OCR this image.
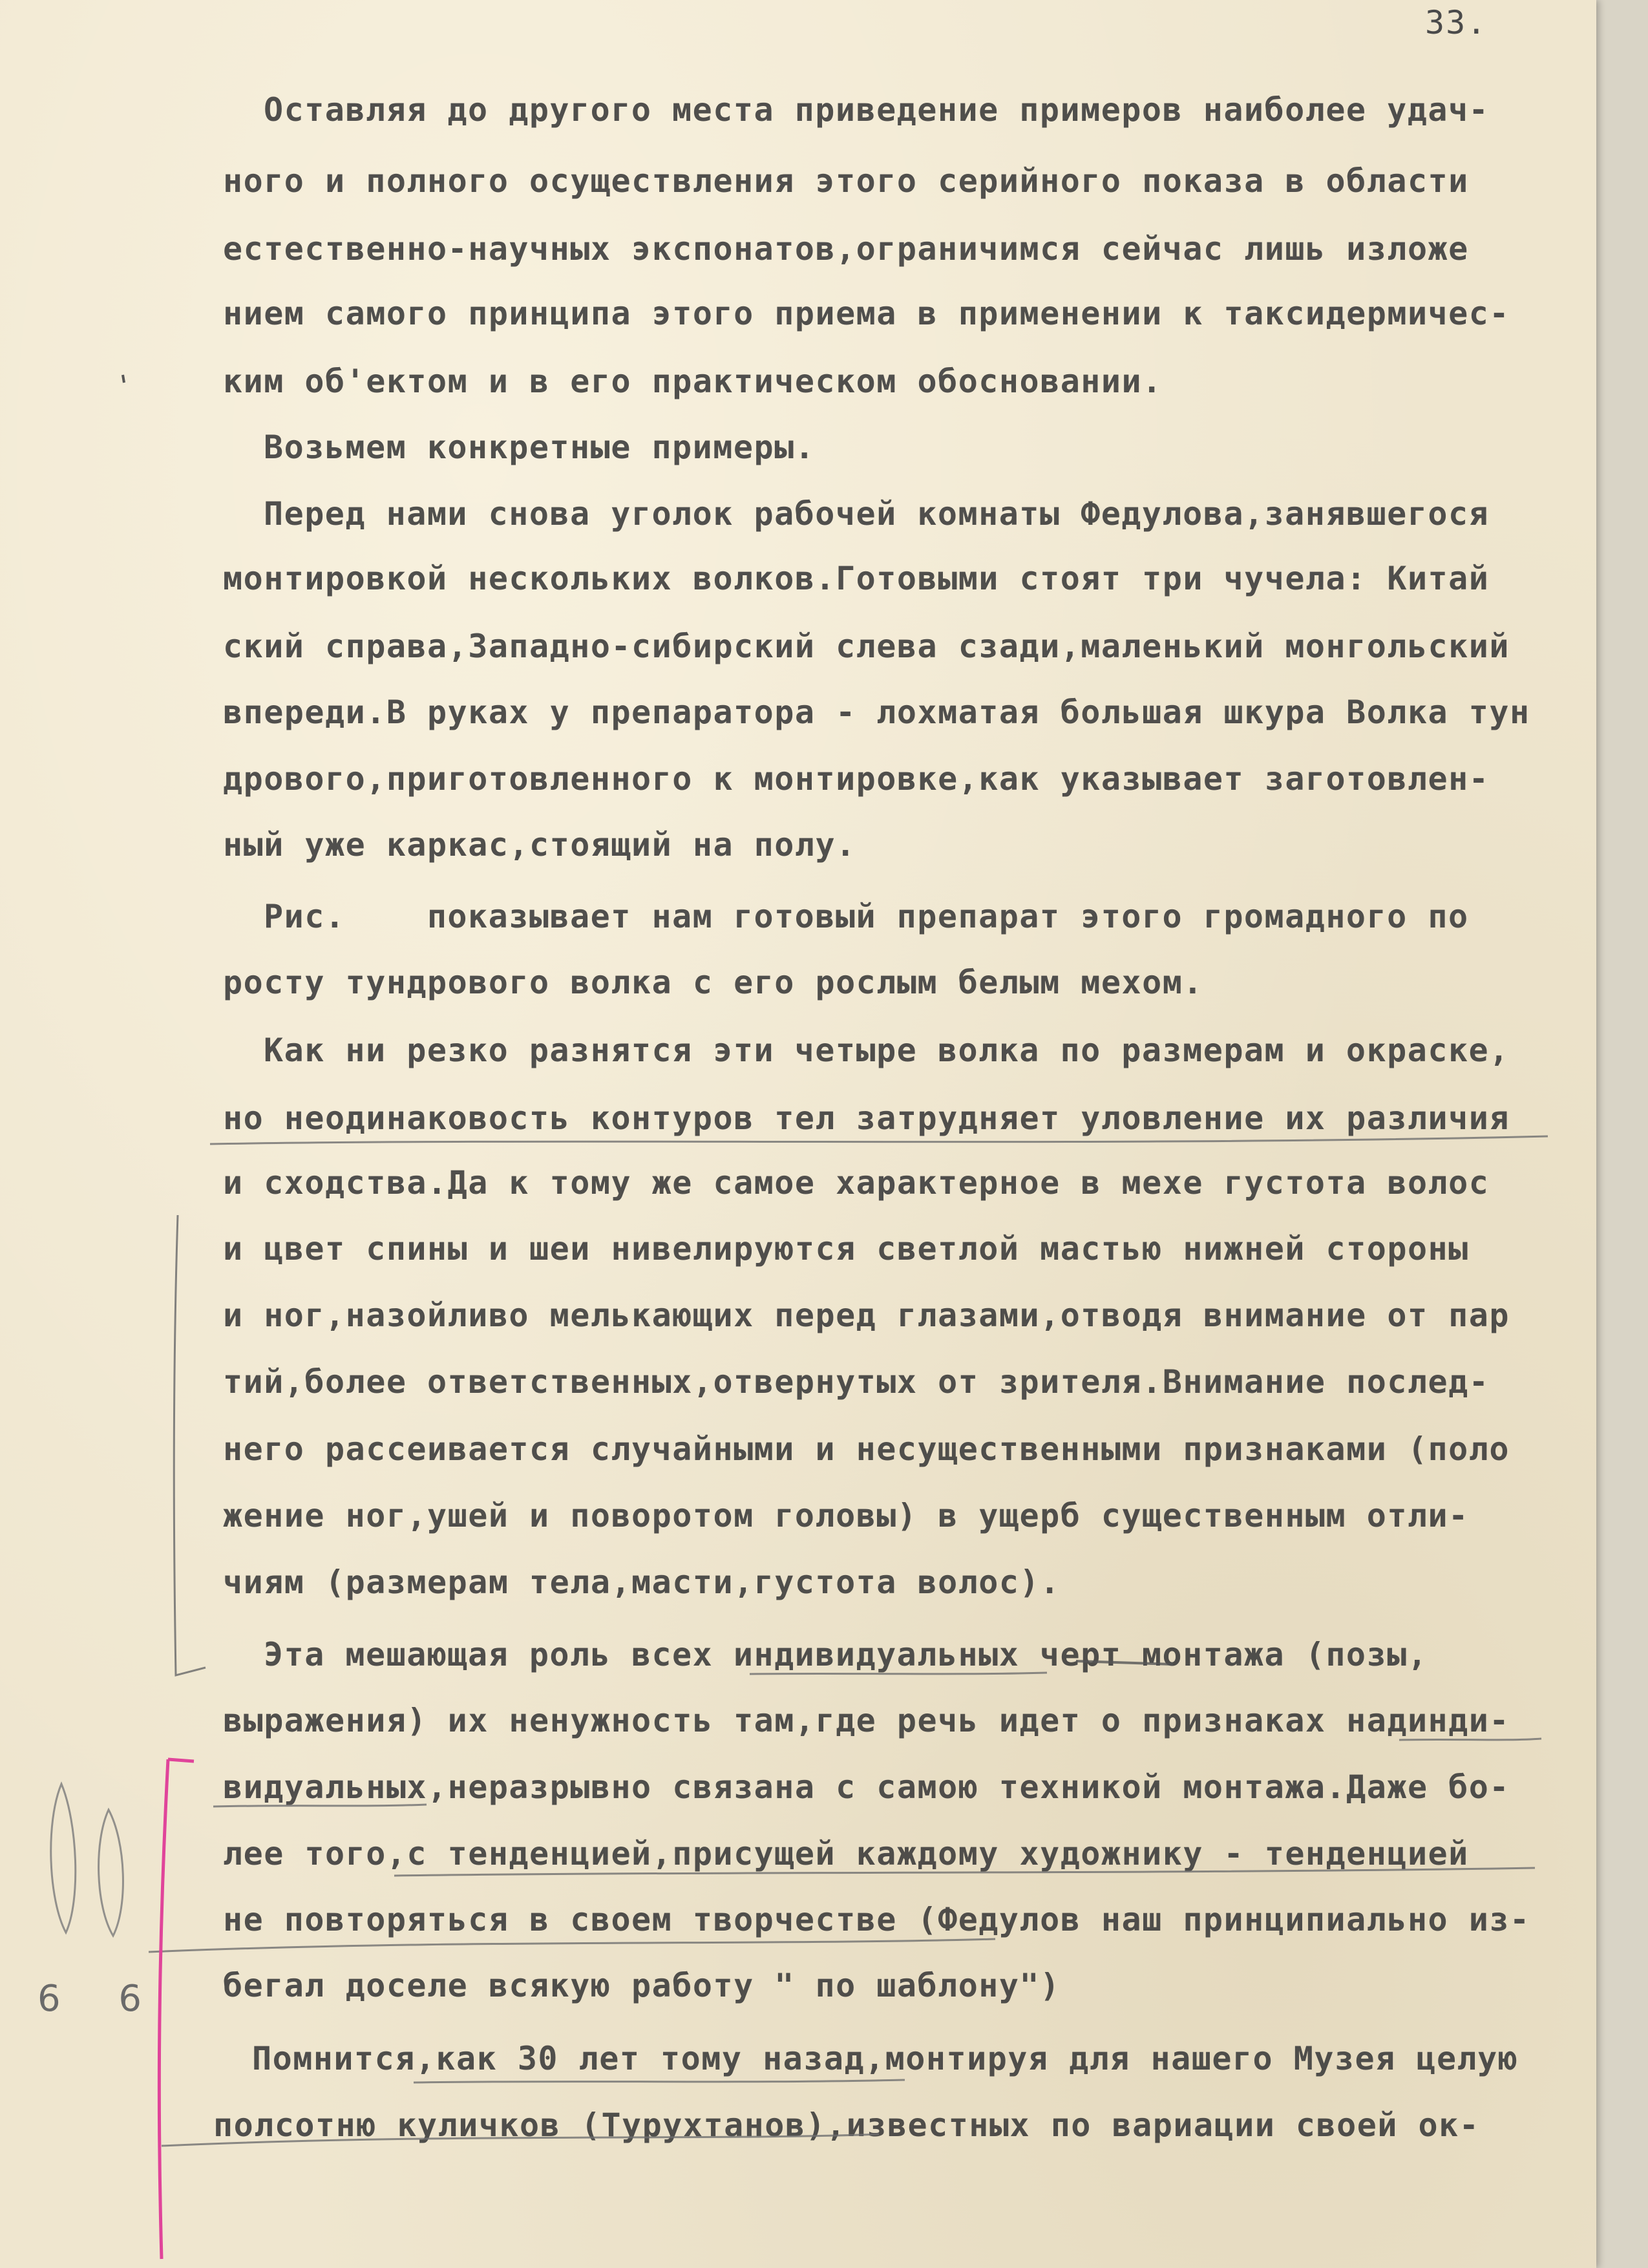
33.
Оставляя до другого места приведение примеров наиболее удач-
ного и полного осуществления этого серийного показа в области
естественно-научных экспонатов,ограничимся сейчас лишь изложе
нием самого принципа этого приема в применении к таксидермичес-
ким об'ектом и в его практическом обосновании.
Возьмем конкретные примеры.
Перед нами снова уголок рабочей комнаты Федулова,занявшегося
монтировкой нескольких волков.Готовыми стоят три чучела: Китай
ский справа,Западно-сибирский слева сзади,маленький монгольский
впереди.В руках у препаратора - лохматая большая шкура Волка тун
дрового,приготовленного к монтировке,как указывает заготовлен-
ный уже каркас,стоящий на полу.
Рис.    показывает нам готовый препарат этого громадного по
росту тундрового волка с его рослым белым мехом.
Как ни резко разнятся эти четыре волка по размерам и окраске,
но неодинаковость контуров тел затрудняет уловление их различия
и сходства.Да к тому же самое характерное в мехе густота волос
и цвет спины и шеи нивелируются светлой мастью нижней стороны
и ног,назойливо мелькающих перед глазами,отводя внимание от пар
тий,более ответственных,отвернутых от зрителя.Внимание послед-
него рассеивается случайными и несущественными признаками (поло
жение ног,ушей и поворотом головы) в ущерб существенным отли-
чиям (размерам тела,масти,густота волос).
Эта мешающая роль всех индивидуальных черт монтажа (позы,
выражения) их ненужность там,где речь идет о признаках надинди-
видуальных,неразрывно связана с самою техникой монтажа.Даже бо-
лее того,с тенденцией,присущей каждому художнику - тенденцией
не повторяться в своем творчестве (Федулов наш принципиально из-
бегал доселе всякую работу " по шаблону")
Помнится,как 30 лет тому назад,монтируя для нашего Музея целую
полсотню куличков (Турухтанов),известных по вариации своей ок-
6 6
